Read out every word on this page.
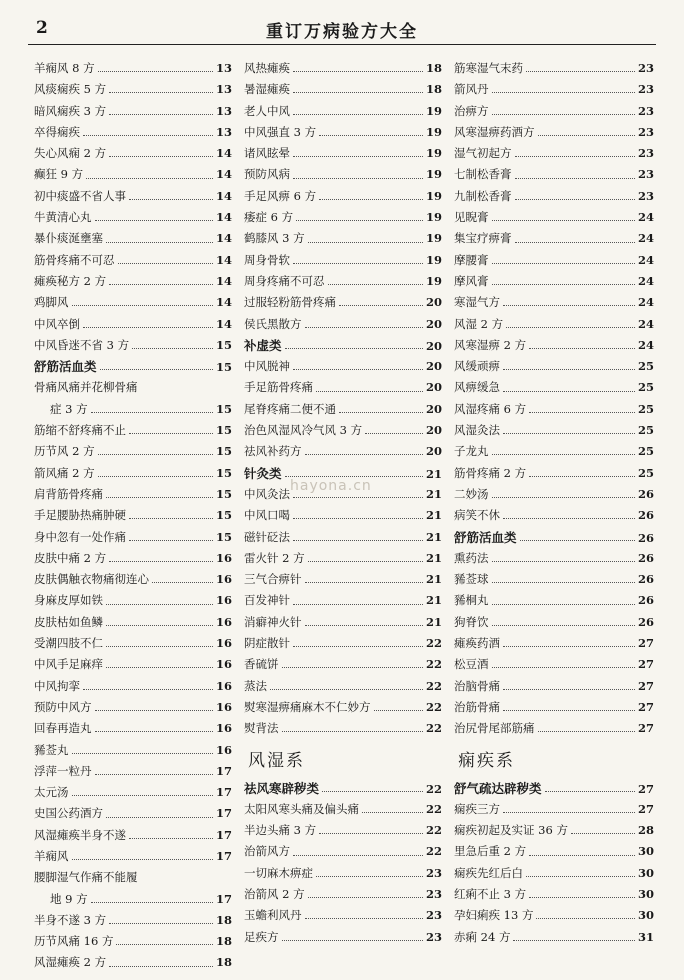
2	重订万病验方大全
羊痫风 8 方	13
风痰痫疾 5 方	13
暗风痫疾 3 方	13
卒得痫疾	13
失心风痫 2 方	14
癫狂 9 方	14
初中痰盛不省人事	14
牛黄清心丸	14
暴仆痰涎壅塞	14
筋骨疼痛不可忍	14
瘫痪秘方 2 方	14
鸡脚风	14
中风卒倒	14
中风昏迷不省 3 方	15
舒筋活血类	15
骨痛风痛并花柳骨痛
症 3 方	15
筋缩不舒疼痛不止	15
历节风 2 方	15
箭风痛 2 方	15
肩背筋骨疼痛	15
手足腰胁热痛肿硬	15
身中忽有一处作痛	15
皮肤中痛 2 方	16
皮肤偶触衣物痛彻连心	16
身麻皮厚如铁	16
皮肤枯如鱼鳞	16
受潮四肢不仁	16
中风手足麻痒	16
中风拘挛	16
预防中风方	16
回春再造丸	16
豨莶丸	16
浮萍一粒丹	17
太元汤	17
史国公药酒方	17
风湿瘫痪半身不遂	17
羊痫风	17
腰脚湿气作痛不能履
地 9 方	17
半身不遂 3 方	18
历节风痛 16 方	18
风湿瘫痪 2 方	18
风热瘫痪	18
暑湿瘫痪	18
老人中风	19
中风强直 3 方	19
诸风眩晕	19
预防风病	19
手足风痹 6 方	19
痿症 6 方	19
鹤膝风 3 方	19
周身骨软	19
周身疼痛不可忍	19
过服轻粉筋骨疼痛	20
侯氏黑散方	20
补虚类	20
中风脱神	20
手足筋骨疼痛	20
尾脊疼痛二便不通	20
治色风湿风冷气风 3 方	20
祛风补药方	20
针灸类	21
中风灸法	21
中风口喝	21
磁针砭法	21
雷火针 2 方	21
三气合痹针	21
百发神针	21
消癖神火针	21
阴症散针	22
香硫饼	22
蒸法	22
熨寒湿痹痛麻木不仁妙方	22
熨背法	22
风湿系
祛风寒辟秽类	22
太阳风寒头痛及偏头痛	22
半边头痛 3 方	22
治箭风方	22
一切麻木痹症	23
治箭风 2 方	23
玉蟾利风丹	23
足疾方	23
筋寒湿气末药	23
箭风丹	23
治痹方	23
风寒湿痹药酒方	23
湿气初起方	23
七制松香膏	23
九制松香膏	23
见睨膏	24
集宝疗痹膏	24
摩腰膏	24
摩风膏	24
寒湿气方	24
风湿 2 方	24
风寒湿痹 2 方	24
风缓顽痹	25
风痹缓急	25
风湿疼痛 6 方	25
风湿灸法	25
子龙丸	25
筋骨疼痛 2 方	25
二妙汤	26
病笑不休	26
舒筋活血类	26
熏药法	26
豨莶球	26
豨桐丸	26
狗脊饮	26
瘫痪药酒	27
松豆酒	27
治脑骨痛	27
治筋骨痛	27
治尻骨尾部筋痛	27
痫疾系
舒气疏达辟秽类	27
痫疾三方	27
痫疾初起及实证 36 方	28
里急后重 2 方	30
痫疾先红后白	30
红痢不止 3 方	30
孕妇痢疾 13 方	30
赤痢 24 方	31
hayona.cn
